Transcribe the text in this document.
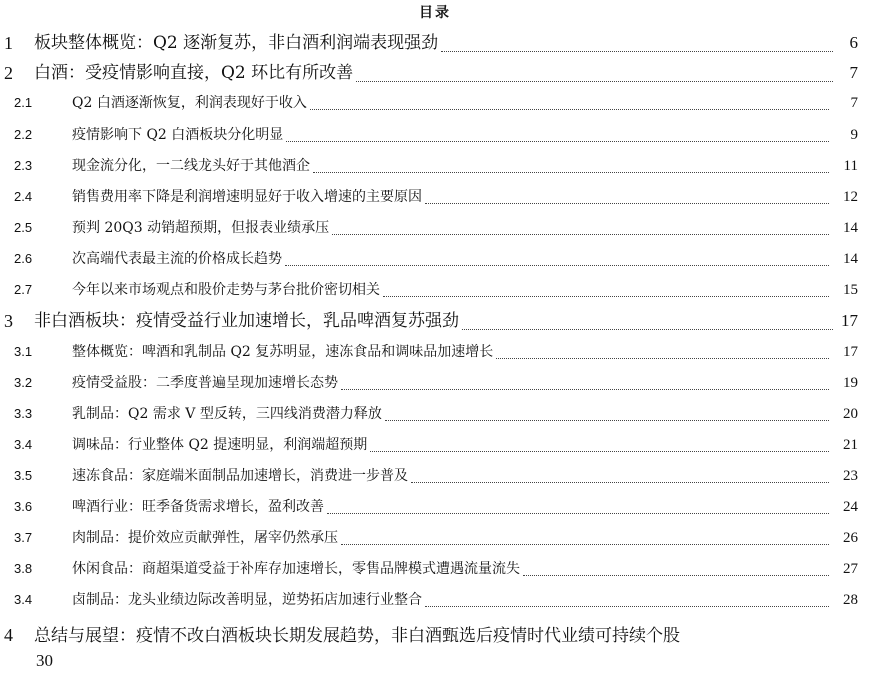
目录
1	板块整体概览：Q2 逐渐复苏，非白酒利润端表现强劲	6
2	白酒：受疫情影响直接，Q2 环比有所改善	7
2.1	Q2 白酒逐渐恢复，利润表现好于收入	7
2.2	疫情影响下 Q2 白酒板块分化明显	9
2.3	现金流分化，一二线龙头好于其他酒企	11
2.4	销售费用率下降是利润增速明显好于收入增速的主要原因	12
2.5	预判 20Q3 动销超预期，但报表业绩承压	14
2.6	次高端代表最主流的价格成长趋势	14
2.7	今年以来市场观点和股价走势与茅台批价密切相关	15
3	非白酒板块：疫情受益行业加速增长，乳品啤酒复苏强劲	17
3.1	整体概览：啤酒和乳制品 Q2 复苏明显，速冻食品和调味品加速增长	17
3.2	疫情受益股：二季度普遍呈现加速增长态势	19
3.3	乳制品：Q2 需求 V 型反转，三四线消费潜力释放	20
3.4	调味品：行业整体 Q2 提速明显，利润端超预期	21
3.5	速冻食品：家庭端米面制品加速增长，消费进一步普及	23
3.6	啤酒行业：旺季备货需求增长，盈利改善	24
3.7	肉制品：提价效应贡献弹性，屠宰仍然承压	26
3.8	休闲食品：商超渠道受益于补库存加速增长，零售品牌模式遭遇流量流失	27
3.4	卤制品：龙头业绩边际改善明显，逆势拓店加速行业整合	28
4 总结与展望：疫情不改白酒板块长期发展趋势，非白酒甄选后疫情时代业绩可持续个股
30
